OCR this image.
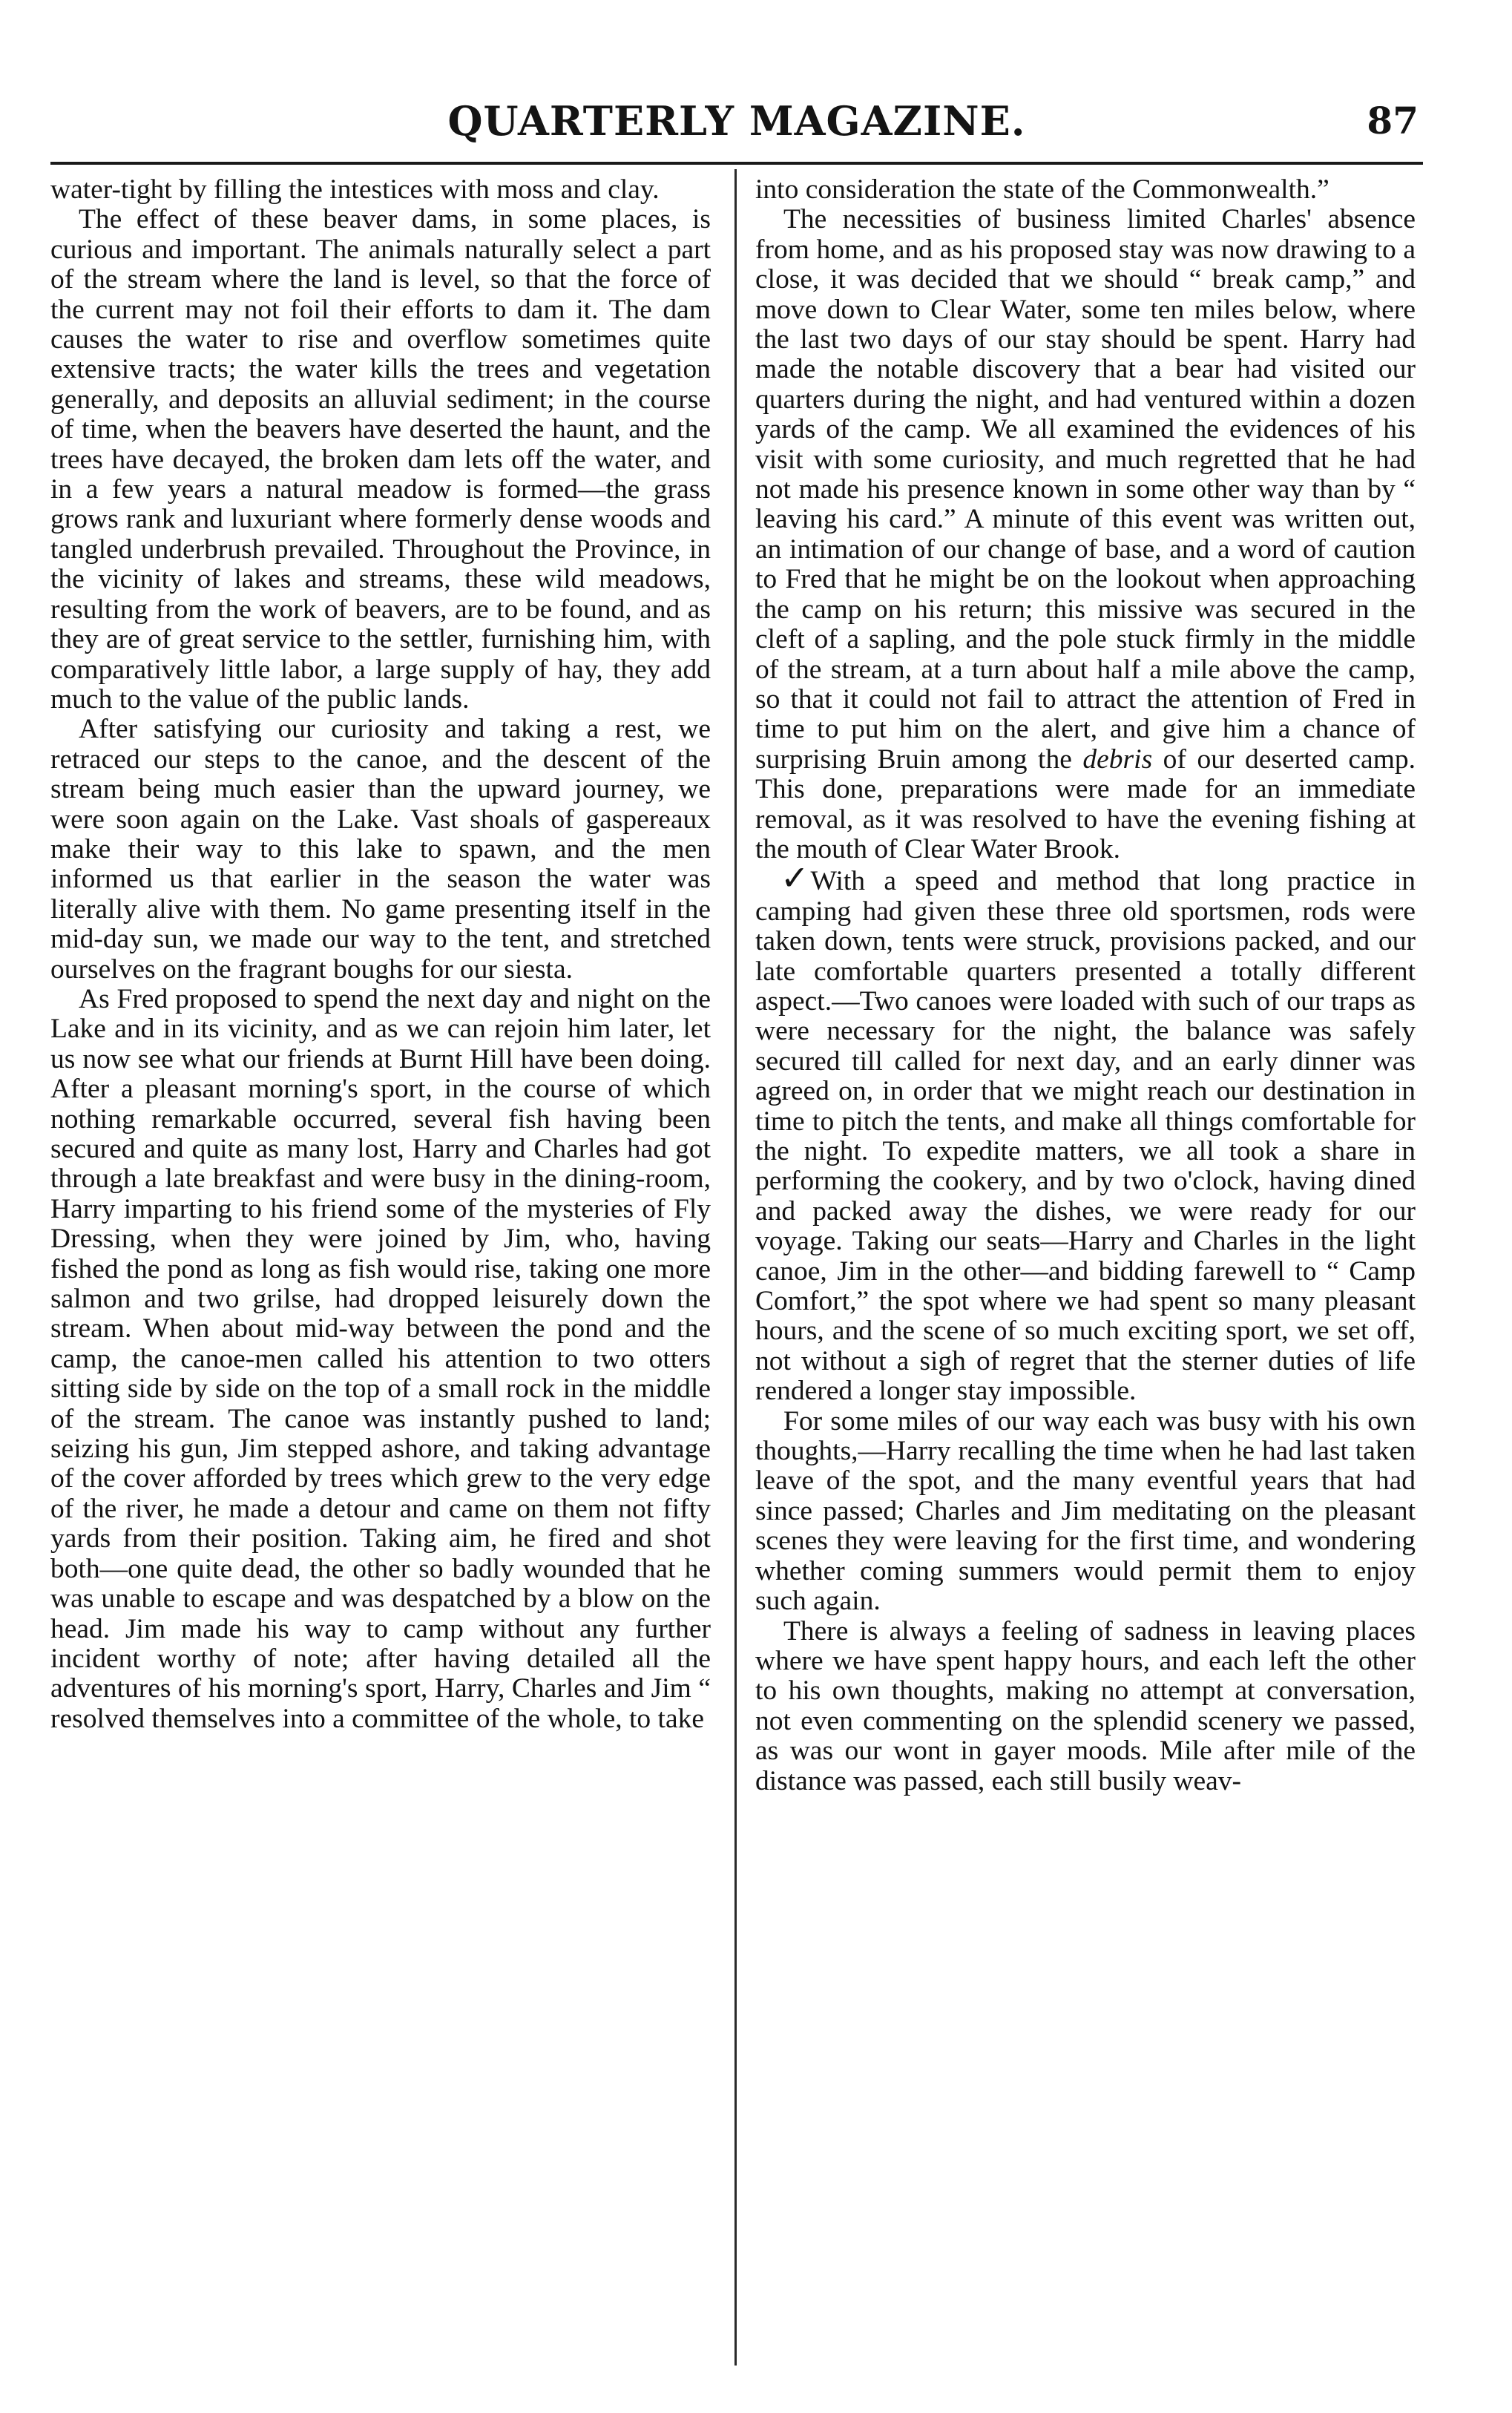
QUARTERLY MAGAZINE.	87

water-tight by filling the intestices with moss and clay.

The effect of these beaver dams, in some places, is curious and important. The animals naturally select a part of the stream where the land is level, so that the force of the current may not foil their efforts to dam it. The dam causes the water to rise and overflow sometimes quite extensive tracts; the water kills the trees and vegetation generally, and deposits an alluvial sediment; in the course of time, when the beavers have deserted the haunt, and the trees have decayed, the broken dam lets off the water, and in a few years a natural meadow is formed—the grass grows rank and luxuriant where formerly dense woods and tangled underbrush prevailed. Throughout the Province, in the vicinity of lakes and streams, these wild meadows, resulting from the work of beavers, are to be found, and as they are of great service to the settler, furnishing him, with comparatively little labor, a large supply of hay, they add much to the value of the public lands.

After satisfying our curiosity and taking a rest, we retraced our steps to the canoe, and the descent of the stream being much easier than the upward journey, we were soon again on the Lake. Vast shoals of gaspereaux make their way to this lake to spawn, and the men informed us that earlier in the season the water was literally alive with them. No game presenting itself in the mid-day sun, we made our way to the tent, and stretched ourselves on the fragrant boughs for our siesta.

As Fred proposed to spend the next day and night on the Lake and in its vicinity, and as we can rejoin him later, let us now see what our friends at Burnt Hill have been doing. After a pleasant morning's sport, in the course of which nothing remarkable occurred, several fish having been secured and quite as many lost, Harry and Charles had got through a late breakfast and were busy in the dining-room, Harry imparting to his friend some of the mysteries of Fly Dressing, when they were joined by Jim, who, having fished the pond as long as fish would rise, taking one more salmon and two grilse, had dropped leisurely down the stream. When about mid-way between the pond and the camp, the canoe-men called his attention to two otters sitting side by side on the top of a small rock in the middle of the stream. The canoe was instantly pushed to land; seizing his gun, Jim stepped ashore, and taking advantage of the cover afforded by trees which grew to the very edge of the river, he made a detour and came on them not fifty yards from their position. Taking aim, he fired and shot both—one quite dead, the other so badly wounded that he was unable to escape and was despatched by a blow on the head. Jim made his way to camp without any further incident worthy of note; after having detailed all the adventures of his morning's sport, Harry, Charles and Jim “ resolved themselves into a committee of the whole, to take

into consideration the state of the Commonwealth.”

The necessities of business limited Charles' absence from home, and as his proposed stay was now drawing to a close, it was decided that we should “ break camp,” and move down to Clear Water, some ten miles below, where the last two days of our stay should be spent. Harry had made the notable discovery that a bear had visited our quarters during the night, and had ventured within a dozen yards of the camp. We all examined the evidences of his visit with some curiosity, and much regretted that he had not made his presence known in some other way than by “ leaving his card.” A minute of this event was written out, an intimation of our change of base, and a word of caution to Fred that he might be on the lookout when approaching the camp on his return; this missive was secured in the cleft of a sapling, and the pole stuck firmly in the middle of the stream, at a turn about half a mile above the camp, so that it could not fail to attract the attention of Fred in time to put him on the alert, and give him a chance of surprising Bruin among the debris of our deserted camp. This done, preparations were made for an immediate removal, as it was resolved to have the evening fishing at the mouth of Clear Water Brook.

✓With a speed and method that long practice in camping had given these three old sportsmen, rods were taken down, tents were struck, provisions packed, and our late comfortable quarters presented a totally different aspect.—Two canoes were loaded with such of our traps as were necessary for the night, the balance was safely secured till called for next day, and an early dinner was agreed on, in order that we might reach our destination in time to pitch the tents, and make all things comfortable for the night. To expedite matters, we all took a share in performing the cookery, and by two o'clock, having dined and packed away the dishes, we were ready for our voyage. Taking our seats—Harry and Charles in the light canoe, Jim in the other—and bidding farewell to “ Camp Comfort,” the spot where we had spent so many pleasant hours, and the scene of so much exciting sport, we set off, not without a sigh of regret that the sterner duties of life rendered a longer stay impossible.

For some miles of our way each was busy with his own thoughts,—Harry recalling the time when he had last taken leave of the spot, and the many eventful years that had since passed; Charles and Jim meditating on the pleasant scenes they were leaving for the first time, and wondering whether coming summers would permit them to enjoy such again.

There is always a feeling of sadness in leaving places where we have spent happy hours, and each left the other to his own thoughts, making no attempt at conversation, not even commenting on the splendid scenery we passed, as was our wont in gayer moods. Mile after mile of the distance was passed, each still busily weav-
